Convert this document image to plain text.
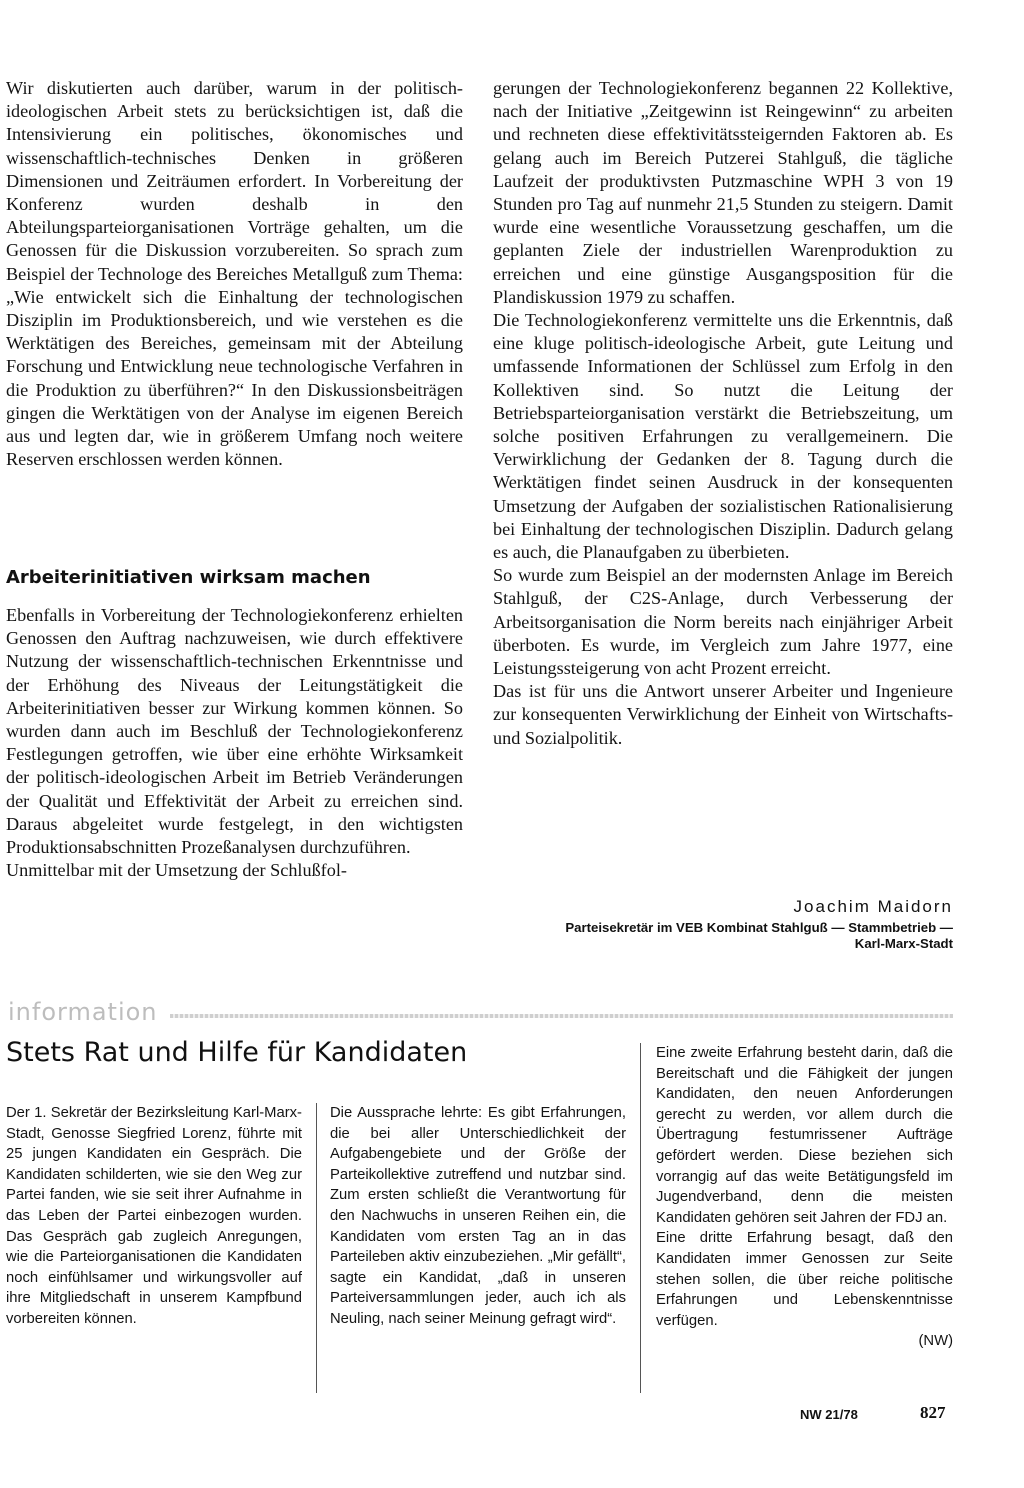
Wir diskutierten auch darüber, warum in der politisch-ideologischen Arbeit stets zu berücksichtigen ist, daß die Intensivierung ein politisches, ökonomisches und wissenschaftlich-technisches Denken in größeren Dimensionen und Zeiträumen erfordert. In Vorbereitung der Konferenz wurden deshalb in den Abteilungsparteiorganisationen Vorträge gehalten, um die Genossen für die Diskussion vorzubereiten. So sprach zum Beispiel der Technologe des Bereiches Metallguß zum Thema: „Wie entwickelt sich die Einhaltung der technologischen Disziplin im Produktionsbereich, und wie verstehen es die Werktätigen des Bereiches, gemeinsam mit der Abteilung Forschung und Entwicklung neue technologische Verfahren in die Produktion zu überführen?“ In den Diskussionsbeiträgen gingen die Werktätigen von der Analyse im eigenen Bereich aus und legten dar, wie in größerem Umfang noch weitere Reserven erschlossen werden können.

Arbeiterinitiativen wirksam machen

Ebenfalls in Vorbereitung der Technologiekonferenz erhielten Genossen den Auftrag nachzuweisen, wie durch effektivere Nutzung der wissenschaftlich-technischen Erkenntnisse und der Erhöhung des Niveaus der Leitungstätigkeit die Arbeiterinitiativen besser zur Wirkung kommen können. So wurden dann auch im Beschluß der Technologiekonferenz Festlegungen getroffen, wie über eine erhöhte Wirksamkeit der politisch-ideologischen Arbeit im Betrieb Veränderungen der Qualität und Effektivität der Arbeit zu erreichen sind. Daraus abgeleitet wurde festgelegt, in den wichtigsten Produktionsabschnitten Prozeßanalysen durchzuführen.

Unmittelbar mit der Umsetzung der Schlußfol-

gerungen der Technologiekonferenz begannen 22 Kollektive, nach der Initiative „Zeitgewinn ist Reingewinn“ zu arbeiten und rechneten diese effektivitätssteigernden Faktoren ab. Es gelang auch im Bereich Putzerei Stahlguß, die tägliche Laufzeit der produktivsten Putzmaschine WPH 3 von 19 Stunden pro Tag auf nunmehr 21,5 Stunden zu steigern. Damit wurde eine wesentliche Voraussetzung geschaffen, um die geplanten Ziele der industriellen Warenproduktion zu erreichen und eine günstige Ausgangsposition für die Plandiskussion 1979 zu schaffen.

Die Technologiekonferenz vermittelte uns die Erkenntnis, daß eine kluge politisch-ideologische Arbeit, gute Leitung und umfassende Informationen der Schlüssel zum Erfolg in den Kollektiven sind. So nutzt die Leitung der Betriebsparteiorganisation verstärkt die Betriebszeitung, um solche positiven Erfahrungen zu verallgemeinern. Die Verwirklichung der Gedanken der 8. Tagung durch die Werktätigen findet seinen Ausdruck in der konsequenten Umsetzung der Aufgaben der sozialistischen Rationalisierung bei Einhaltung der technologischen Disziplin. Dadurch gelang es auch, die Planaufgaben zu überbieten.

So wurde zum Beispiel an der modernsten Anlage im Bereich Stahlguß, der C2S-Anlage, durch Verbesserung der Arbeitsorganisation die Norm bereits nach einjähriger Arbeit überboten. Es wurde, im Vergleich zum Jahre 1977, eine Leistungssteigerung von acht Prozent erreicht.

Das ist für uns die Antwort unserer Arbeiter und Ingenieure zur konsequenten Verwirklichung der Einheit von Wirtschafts- und Sozialpolitik.

Joachim Maidorn
Parteisekretär im VEB Kombinat Stahlguß — Stammbetrieb — Karl-Marx-Stadt
information
Stets Rat und Hilfe für Kandidaten

Der 1. Sekretär der Bezirksleitung Karl-Marx-Stadt, Genosse Siegfried Lorenz, führte mit 25 jungen Kandidaten ein Gespräch. Die Kandidaten schilderten, wie sie den Weg zur Partei fanden, wie sie seit ihrer Aufnahme in das Leben der Partei einbezogen wurden. Das Gespräch gab zugleich Anregungen, wie die Parteiorganisationen die Kandidaten noch einfühlsamer und wirkungsvoller auf ihre Mitgliedschaft in unserem Kampfbund vorbereiten können.

Die Aussprache lehrte: Es gibt Erfahrungen, die bei aller Unterschiedlichkeit der Aufgabengebiete und der Größe der Parteikollektive zutreffend und nutzbar sind. Zum ersten schließt die Verantwortung für den Nachwuchs in unseren Reihen ein, die Kandidaten vom ersten Tag an in das Parteileben aktiv einzubeziehen. „Mir gefällt“, sagte ein Kandidat, „daß in unseren Parteiversammlungen jeder, auch ich als Neuling, nach seiner Meinung gefragt wird“.

Eine zweite Erfahrung besteht darin, daß die Bereitschaft und die Fähigkeit der jungen Kandidaten, den neuen Anforderungen gerecht zu werden, vor allem durch die Übertragung festumrissener Aufträge gefördert werden. Diese beziehen sich vorrangig auf das weite Betätigungsfeld im Jugendverband, denn die meisten Kandidaten gehören seit Jahren der FDJ an.

Eine dritte Erfahrung besagt, daß den Kandidaten immer Genossen zur Seite stehen sollen, die über reiche politische Erfahrungen und Lebenskenntnisse verfügen.

(NW)

NW 21/78	827
